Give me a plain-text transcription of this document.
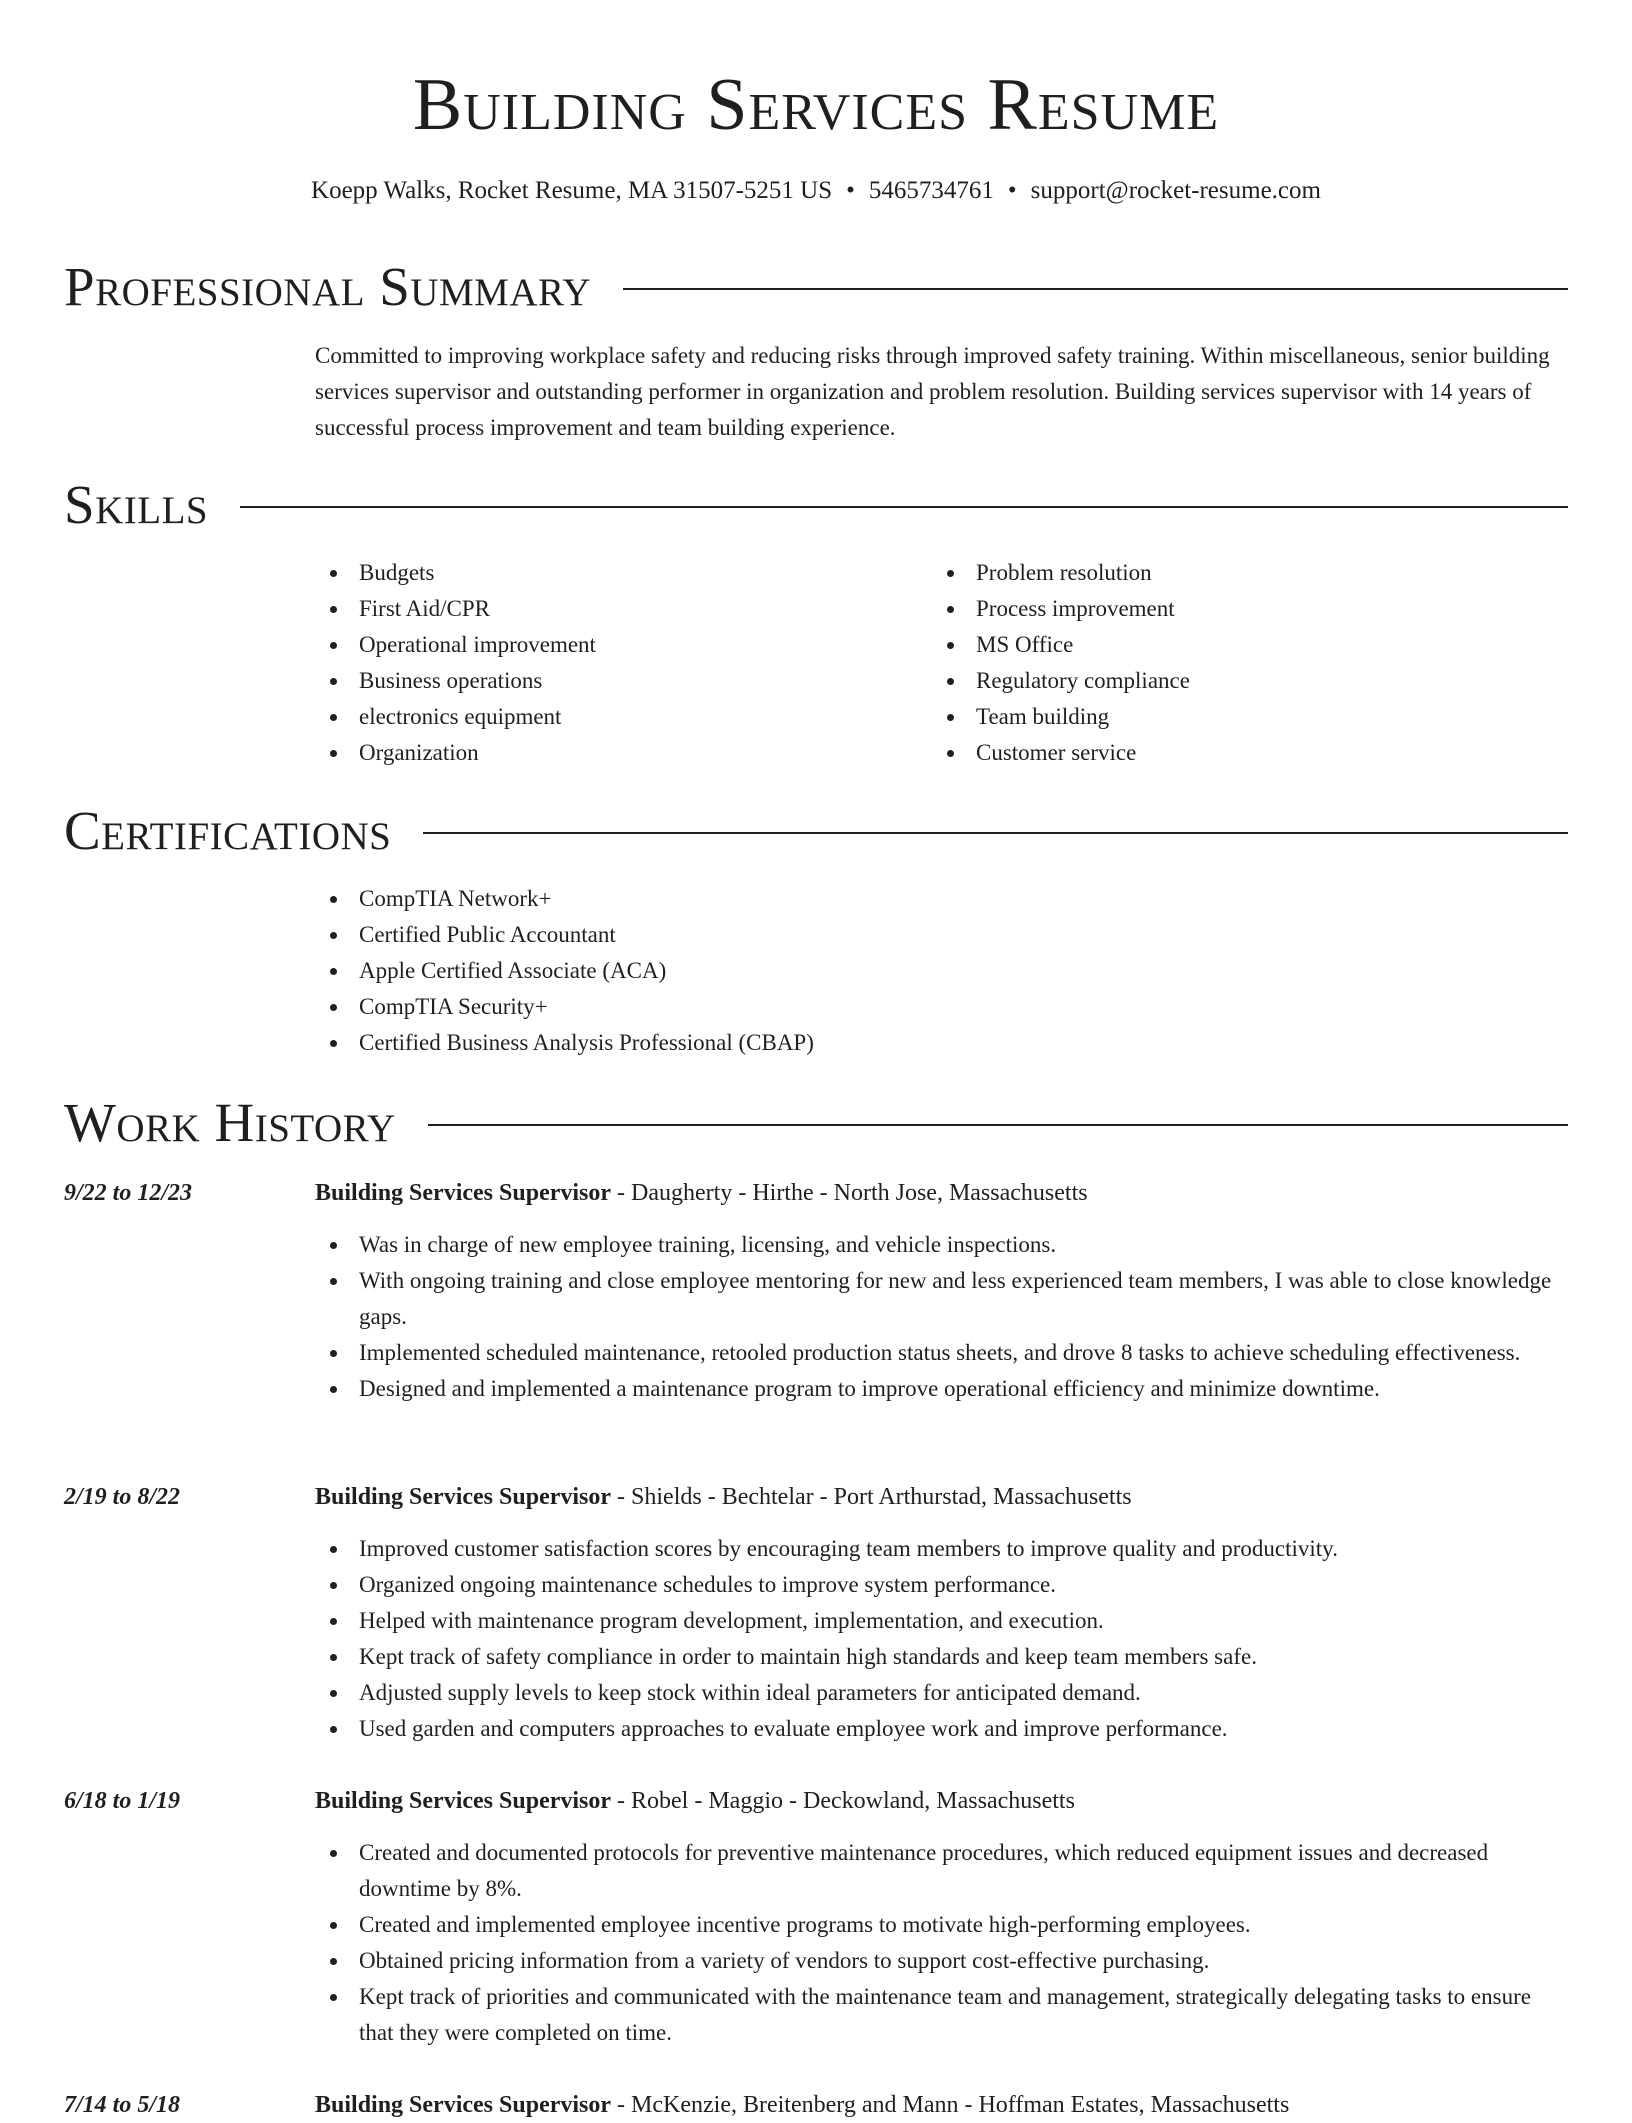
Building Services Resume
Koepp Walks, Rocket Resume, MA 31507-5251 US • 5465734761 • support@rocket-resume.com
Professional Summary

Committed to improving workplace safety and reducing risks through improved safety training. Within miscellaneous, senior building services supervisor and outstanding performer in organization and problem resolution. Building services supervisor with 14 years of successful process improvement and team building experience.

Skills
Budgets
First Aid/CPR
Operational improvement
Business operations
electronics equipment
Organization
Problem resolution
Process improvement
MS Office
Regulatory compliance
Team building
Customer service
Certifications
CompTIA Network+
Certified Public Accountant
Apple Certified Associate (ACA)
CompTIA Security+
Certified Business Analysis Professional (CBAP)
Work History
9/22 to 12/23	Building Services Supervisor - Daugherty - Hirthe - North Jose, Massachusetts
Was in charge of new employee training, licensing, and vehicle inspections.
With ongoing training and close employee mentoring for new and less experienced team members, I was able to close knowledge gaps.
Implemented scheduled maintenance, retooled production status sheets, and drove 8 tasks to achieve scheduling effectiveness.
Designed and implemented a maintenance program to improve operational efficiency and minimize downtime.
2/19 to 8/22	Building Services Supervisor - Shields - Bechtelar - Port Arthurstad, Massachusetts
Improved customer satisfaction scores by encouraging team members to improve quality and productivity.
Organized ongoing maintenance schedules to improve system performance.
Helped with maintenance program development, implementation, and execution.
Kept track of safety compliance in order to maintain high standards and keep team members safe.
Adjusted supply levels to keep stock within ideal parameters for anticipated demand.
Used garden and computers approaches to evaluate employee work and improve performance.
6/18 to 1/19	Building Services Supervisor - Robel - Maggio - Deckowland, Massachusetts
Created and documented protocols for preventive maintenance procedures, which reduced equipment issues and decreased downtime by 8%.
Created and implemented employee incentive programs to motivate high-performing employees.
Obtained pricing information from a variety of vendors to support cost-effective purchasing.
Kept track of priorities and communicated with the maintenance team and management, strategically delegating tasks to ensure that they were completed on time.
7/14 to 5/18	Building Services Supervisor - McKenzie, Breitenberg and Mann - Hoffman Estates, Massachusetts
